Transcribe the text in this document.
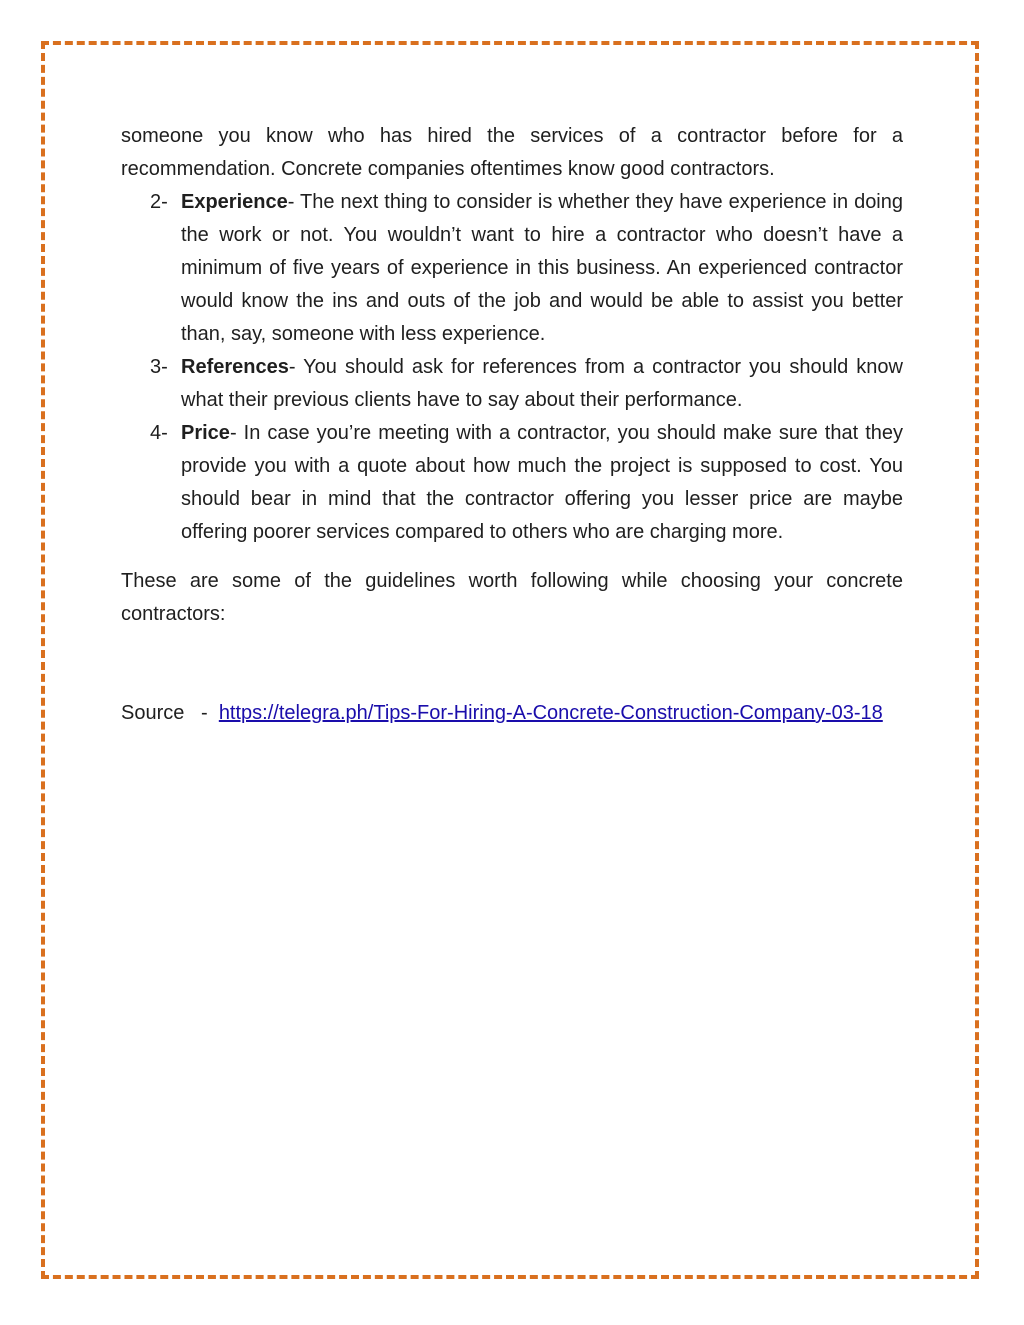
someone you know who has hired the services of a contractor before for a recommendation. Concrete companies oftentimes know good contractors.

2- Experience- The next thing to consider is whether they have experience in doing the work or not. You wouldn’t want to hire a contractor who doesn’t have a minimum of five years of experience in this business. An experienced contractor would know the ins and outs of the job and would be able to assist you better than, say, someone with less experience.
3- References- You should ask for references from a contractor you should know what their previous clients have to say about their performance.
4- Price- In case you’re meeting with a contractor, you should make sure that they provide you with a quote about how much the project is supposed to cost. You should bear in mind that the contractor offering you lesser price are maybe offering poorer services compared to others who are charging more.

These are some of the guidelines worth following while choosing your concrete contractors:

Source   -  https://telegra.ph/Tips-For-Hiring-A-Concrete-Construction-Company-03-18
